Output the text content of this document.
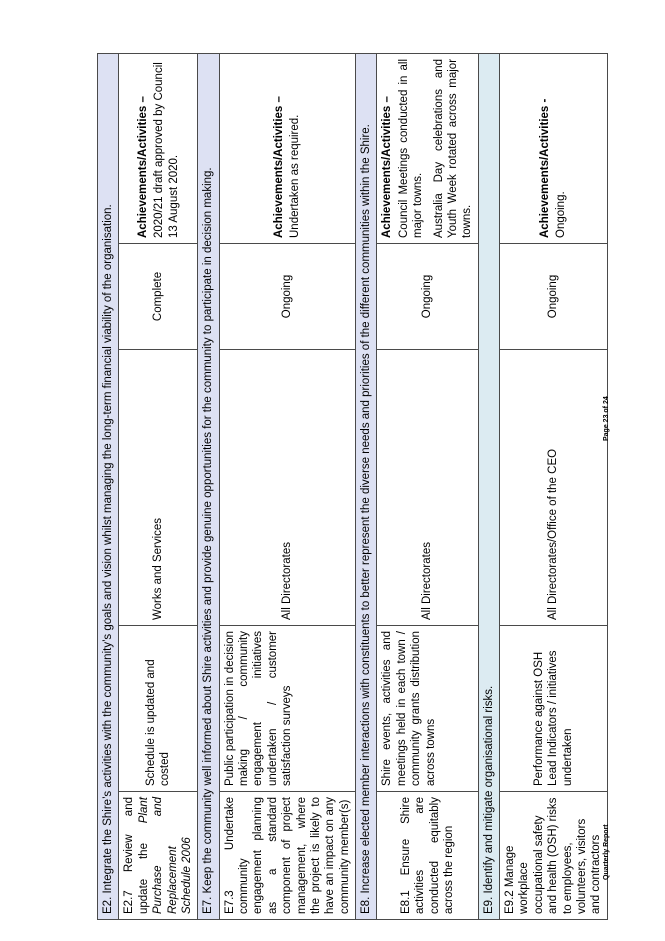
E2. Integrate the Shire’s activities with the community’s goals and vision whilst managing the long-term financial viability of the organisation.				
E2.7 Review and update the Plant Purchase and Replacement Schedule 2006	Schedule is updated and costed	Works and Services	Complete	Achievements/Activities – 2020/21 draft approved by Council 13 August 2020.

E7. Keep the community well informed about Shire activities and provide genuine opportunities for the community to participate in decision making.				
E7.3 Undertake community engagement planning as a standard component of project management, where the project is likely to have an impact on any community member(s)	Public participation in decision making / community engagement initiatives undertaken / customer satisfaction surveys	All Directorates	Ongoing	Achievements/Activities – Undertaken as required.

E8. Increase elected member interactions with constituents to better represent the diverse needs and priorities of the different communities within the Shire.				
E8.1 Ensure Shire activities are conducted equitably across the region	Shire events, activities and meetings held in each town / community grants distribution across towns	All Directorates	Ongoing	Achievements/Activities – Council Meetings conducted in all major towns. Australia Day celebrations and Youth Week rotated across major towns.

E9. Identify and mitigate organisational risks.				
E9.2 Manage workplace occupational safety and health (OSH) risks to employees, volunteers, visitors and contractors	Performance against OSH Lead Indicators / initiatives undertaken	All Directorates/Office of the CEO	Ongoing	Achievements/Activities - Ongoing.
Quarterly Report
Page 23 of 24
